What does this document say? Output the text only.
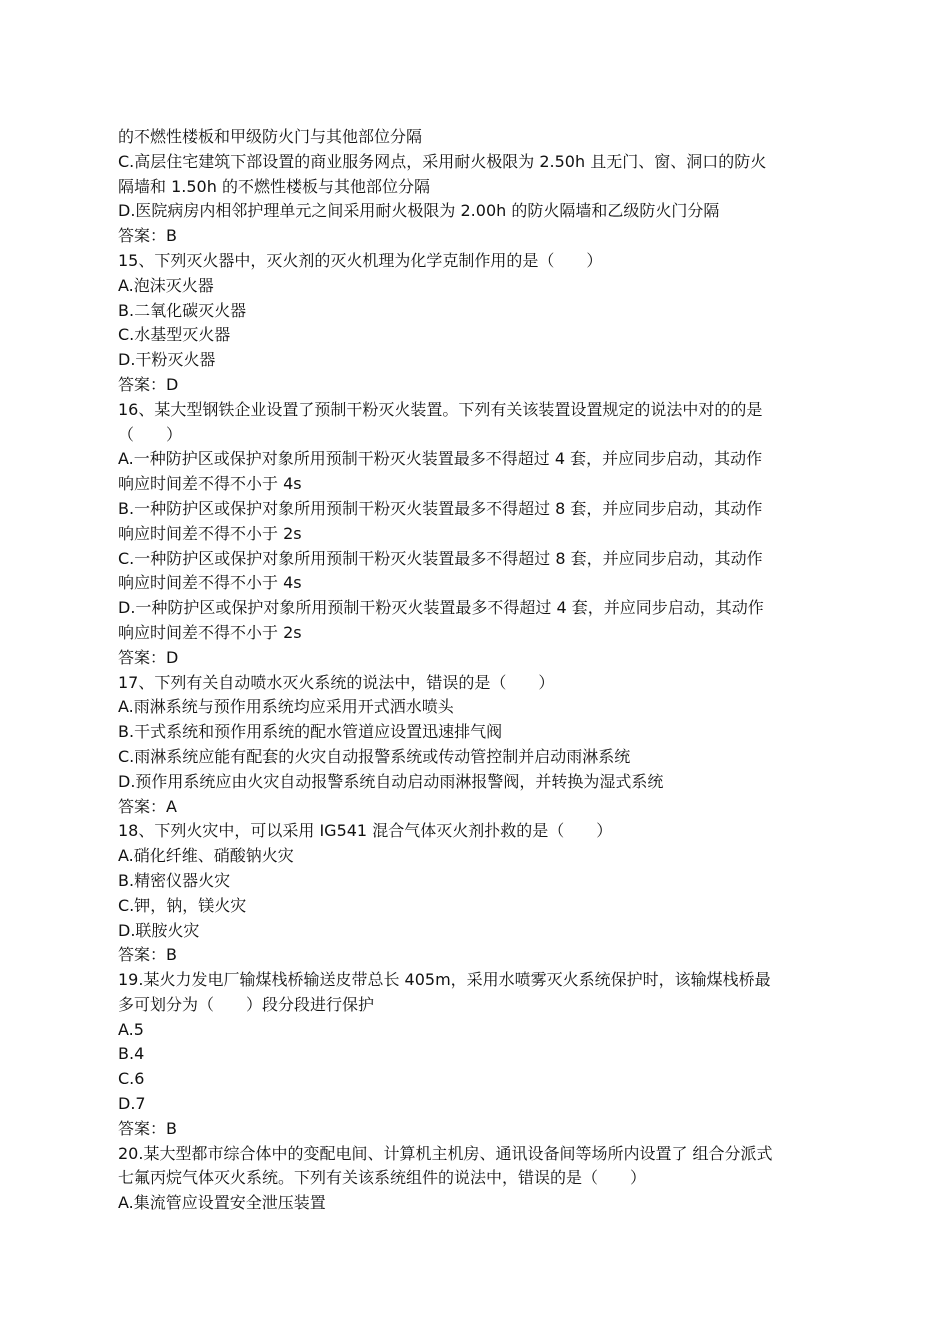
的不燃性楼板和甲级防火门与其他部位分隔
C.高层住宅建筑下部设置的商业服务网点，采用耐火极限为 2.50h 且无门、窗、洞口的防火
隔墙和 1.50h 的不燃性楼板与其他部位分隔
D.医院病房内相邻护理单元之间采用耐火极限为 2.00h 的防火隔墙和乙级防火门分隔
答案：B
15、下列灭火器中，灭火剂的灭火机理为化学克制作用的是（　　）
A.泡沫灭火器
B.二氧化碳灭火器
C.水基型灭火器
D.干粉灭火器
答案：D
16、某大型钢铁企业设置了预制干粉灭火装置。下列有关该装置设置规定的说法中对的的是
（　　）
A.一种防护区或保护对象所用预制干粉灭火装置最多不得超过 4 套，并应同步启动，其动作
响应时间差不得不小于 4s
B.一种防护区或保护对象所用预制干粉灭火装置最多不得超过 8 套，并应同步启动，其动作
响应时间差不得不小于 2s
C.一种防护区或保护对象所用预制干粉灭火装置最多不得超过 8 套，并应同步启动，其动作
响应时间差不得不小于 4s
D.一种防护区或保护对象所用预制干粉灭火装置最多不得超过 4 套，并应同步启动，其动作
响应时间差不得不小于 2s
答案：D
17、下列有关自动喷水灭火系统的说法中，错误的是（　　）
A.雨淋系统与预作用系统均应采用开式洒水喷头
B.干式系统和预作用系统的配水管道应设置迅速排气阀
C.雨淋系统应能有配套的火灾自动报警系统或传动管控制并启动雨淋系统
D.预作用系统应由火灾自动报警系统自动启动雨淋报警阀，并转换为湿式系统
答案：A
18、下列火灾中，可以采用 IG541 混合气体灭火剂扑救的是（　　）
A.硝化纤维、硝酸钠火灾
B.精密仪器火灾
C.钾，钠，镁火灾
D.联胺火灾
答案：B
19.某火力发电厂输煤栈桥输送皮带总长 405m，采用水喷雾灭火系统保护时，该输煤栈桥最
多可划分为（　　）段分段进行保护
A.5
B.4
C.6
D.7
答案：B
20.某大型都市综合体中的变配电间、计算机主机房、通讯设备间等场所内设置了 组合分派式
七氟丙烷气体灭火系统。下列有关该系统组件的说法中，错误的是（　　）
A.集流管应设置安全泄压装置
